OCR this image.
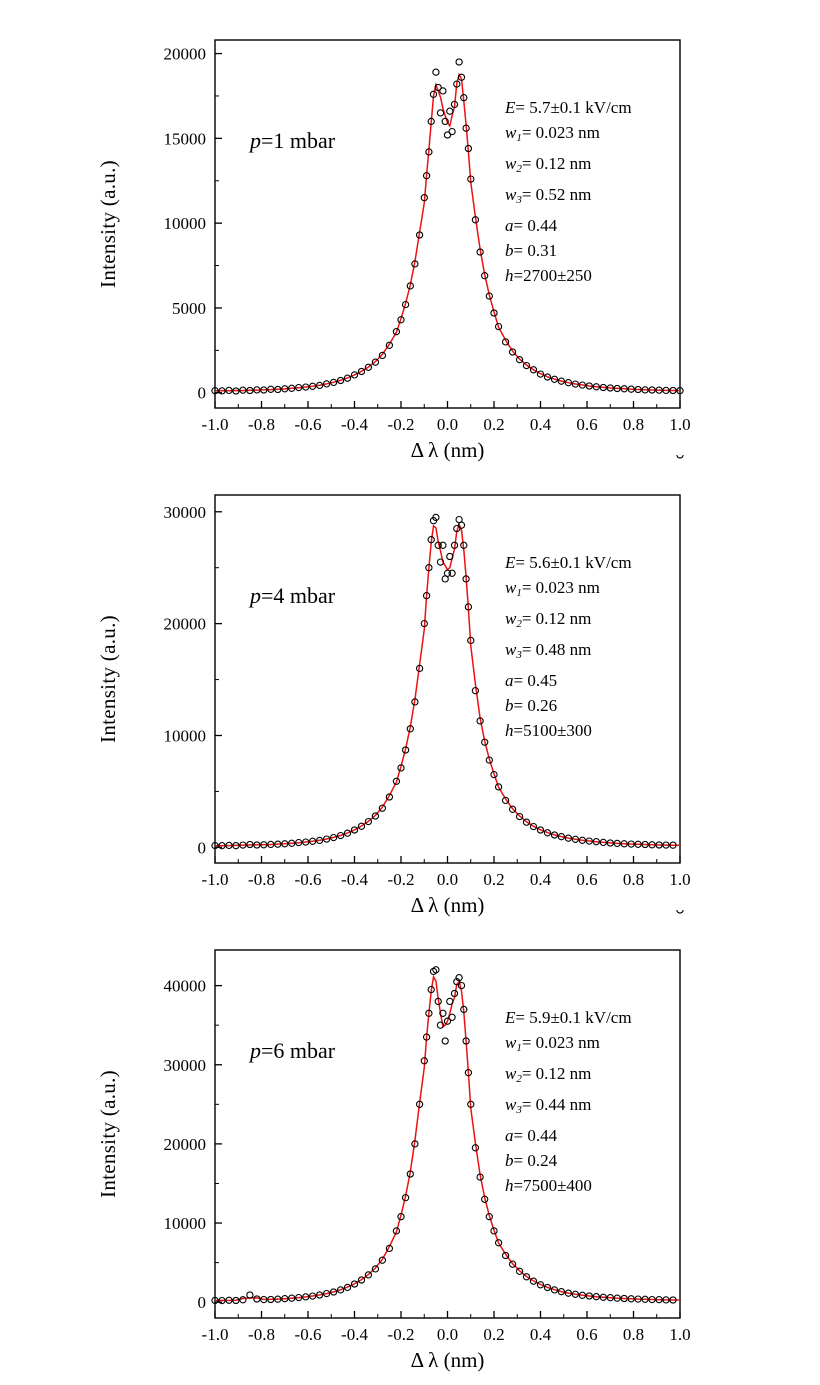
-1.0 -0.8 -0.6 -0.4 -0.2 0.0 0.2 0.4 0.6 0.8 1.0
0
5000
10000
15000
20000
Intensity (a.u.)
Δ λ (nm)
p=1 mbar
E= 5.7±0.1 kV/cm
$w_1= 0.023$ nm
$w_2= 0.12$ nm
$w_3= 0.52$ nm
a= 0.44
b= 0.31
h=2700±250
-1.0 -0.8 -0.6 -0.4 -0.2 0.0 0.2 0.4 0.6 0.8 1.0
0
10000
20000
30000
Intensity (a.u.)
Δ λ (nm)
p=4 mbar
E= 5.6±0.1 kV/cm
$w_1= 0.023$ nm
$w_2= 0.12$ nm
$w_3= 0.48$ nm
a= 0.45
b= 0.26
h=5100±300
-1.0 -0.8 -0.6 -0.4 -0.2 0.0 0.2 0.4 0.6 0.8 1.0
0
10000
20000
30000
40000
Intensity (a.u.)
Δ λ (nm)
p=6 mbar
E= 5.9±0.1 kV/cm
$w_1= 0.023$ nm
$w_2= 0.12$ nm
$w_3= 0.44$ nm
a= 0.44
b= 0.24
h=7500±400
